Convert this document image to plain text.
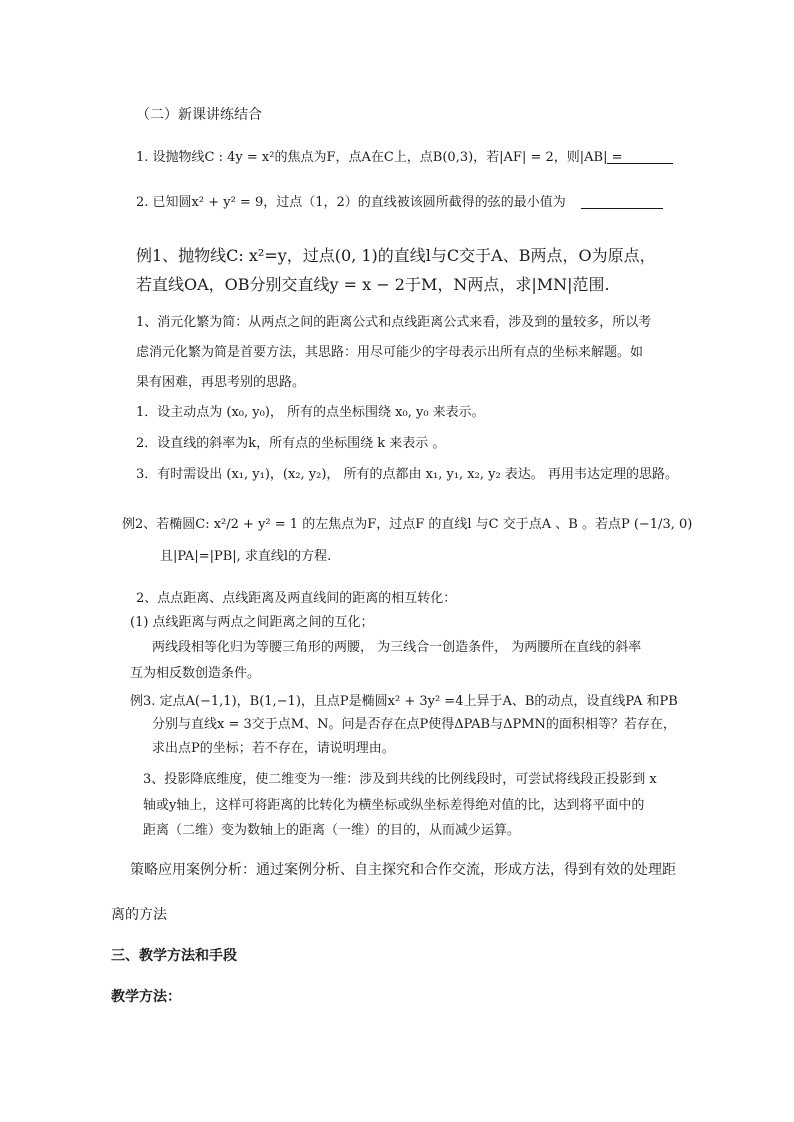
（二）新课讲练结合
1. 设抛物线C : 4y = x²的焦点为F，点A在C上，点B(0,3)，若|AF| = 2，则|AB| =
2. 已知圆x² + y² = 9，过点（1，2）的直线被该圆所截得的弦的最小值为
例1、抛物线C: x²=y，过点(0, 1)的直线l与C交于A、B两点，O为原点，
若直线OA，OB分别交直线y = x − 2于M，N两点，求|MN|范围.
1、消元化繁为简：从两点之间的距离公式和点线距离公式来看，涉及到的量较多，所以考
虑消元化繁为简是首要方法，其思路：用尽可能少的字母表示出所有点的坐标来解题。如
果有困难，再思考别的思路。
1．设主动点为 (x₀, y₀)， 所有的点坐标围绕 x₀, y₀ 来表示。
2．设直线的斜率为k，所有点的坐标围绕 k 来表示 。
3．有时需设出 (x₁, y₁)，(x₂, y₂)， 所有的点都由 x₁, y₁, x₂, y₂ 表达。 再用韦达定理的思路。
例2、若椭圆C: x²/2 + y² = 1 的左焦点为F，过点F 的直线l 与C 交于点A 、B 。若点P (−1/3, 0)
且|PA|=|PB|, 求直线l的方程.
2、点点距离、点线距离及两直线间的距离的相互转化：
(1) 点线距离与两点之间距离之间的互化；
两线段相等化归为等腰三角形的两腰， 为三线合一创造条件， 为两腰所在直线的斜率
互为相反数创造条件。
例3. 定点A(−1,1)，B(1,−1)，且点P是椭圆x² + 3y² =4上异于A、B的动点，设直线PA 和PB
分别与直线x = 3交于点M、N。问是否存在点P使得ΔPAB与ΔPMN的面积相等？若存在，
求出点P的坐标；若不存在，请说明理由。
3、投影降底维度，使二维变为一维：涉及到共线的比例线段时，可尝试将线段正投影到 x
轴或y轴上，这样可将距离的比转化为横坐标或纵坐标差得绝对值的比，达到将平面中的
距离（二维）变为数轴上的距离（一维）的目的，从而减少运算。
策略应用案例分析：通过案例分析、自主探究和合作交流，形成方法，得到有效的处理距
离的方法
三、教学方法和手段
教学方法：
